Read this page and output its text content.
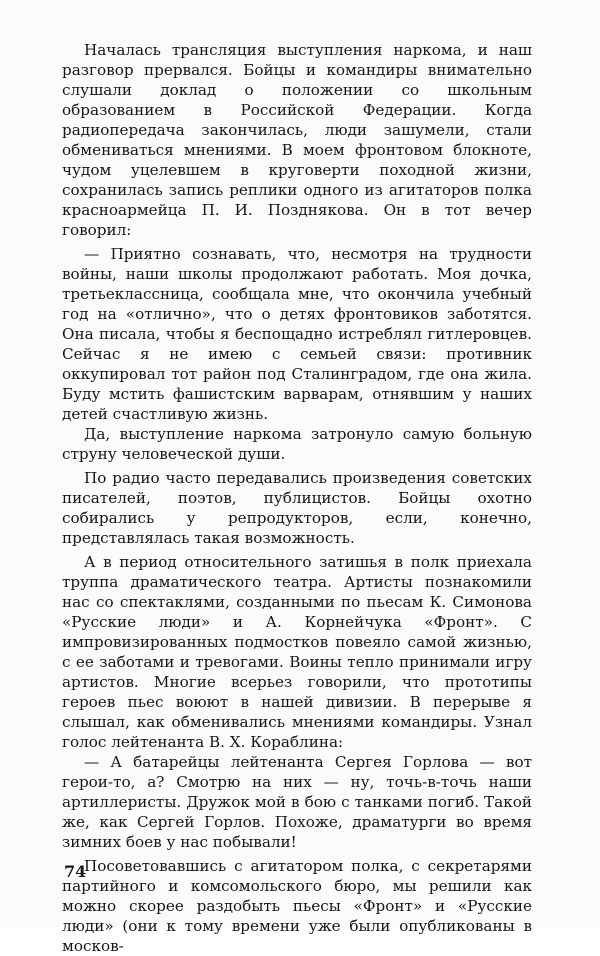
Началась трансляция выступления наркома, и наш разговор прервался. Бойцы и командиры внимательно слушали доклад о положении со школьным образованием в Российской Федерации. Когда радиопередача закончилась, люди зашумели, стали обмениваться мнениями. В моем фронтовом блокноте, чудом уцелевшем в круговерти походной жизни, сохранилась запись реплики одного из агитаторов полка красноармейца П. И. Позднякова. Он в тот вечер говорил:

— Приятно сознавать, что, несмотря на трудности войны, наши школы продолжают работать. Моя дочка, третьеклассница, сообщала мне, что окончила учебный год на «отлично», что о детях фронтовиков заботятся. Она писала, чтобы я беспощадно истреблял гитлеровцев. Сейчас я не имею с семьей связи: противник оккупировал тот район под Сталинградом, где она жила. Буду мстить фашистским варварам, отнявшим у наших детей счастливую жизнь.

Да, выступление наркома затронуло самую больную струну человеческой души.

По радио часто передавались произведения советских писателей, поэтов, публицистов. Бойцы охотно собирались у репродукторов, если, конечно, представлялась такая возможность.

А в период относительного затишья в полк приехала труппа драматического театра. Артисты познакомили нас со спектаклями, созданными по пьесам К. Симонова «Русские люди» и А. Корнейчука «Фронт». С импровизированных подмостков повеяло самой жизнью, с ее заботами и тревогами. Воины тепло принимали игру артистов. Многие всерьез говорили, что прототипы героев пьес воюют в нашей дивизии. В перерыве я слышал, как обменивались мнениями командиры. Узнал голос лейтенанта В. Х. Кораблина:

— А батарейцы лейтенанта Сергея Горлова — вот герои-то, а? Смотрю на них — ну, точь-в-точь наши артиллеристы. Дружок мой в бою с танками погиб. Такой же, как Сергей Горлов. Похоже, драматурги во время зимних боев у нас побывали!

Посоветовавшись с агитатором полка, с секретарями партийного и комсомольского бюро, мы решили как можно скорее раздобыть пьесы «Фронт» и «Русские люди» (они к тому времени уже были опубликованы в москов-

74
